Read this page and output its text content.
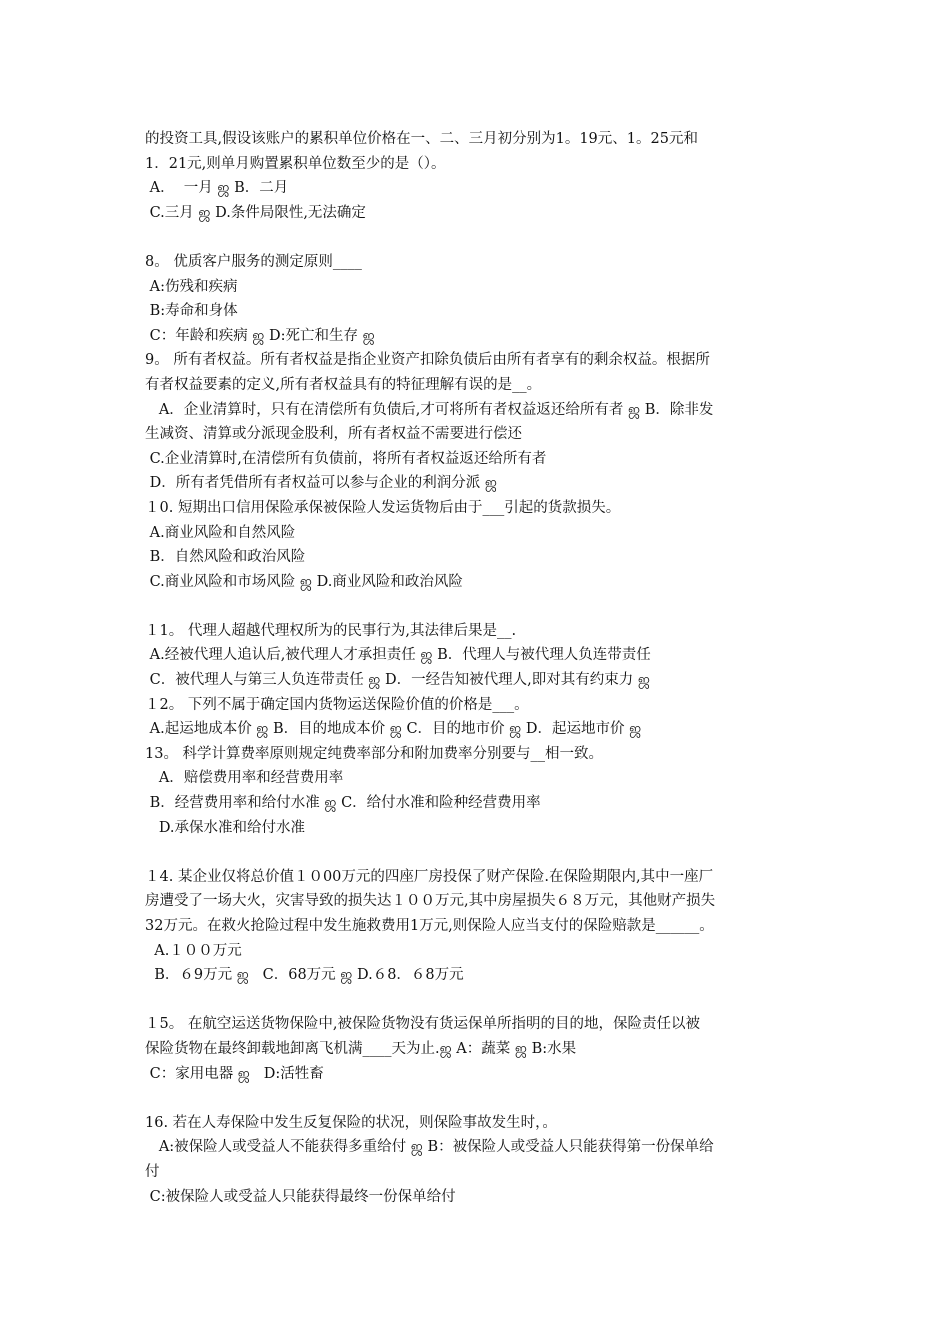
的投资工具,假设该账户的累积单位价格在一、二、三月初分别为1。19元、1。25元和
1．21元,则单月购置累积单位数至少的是（）。
A．  一月 ஜ B．二月
C.三月 ஜ D.条件局限性,无法确定
8。 优质客户服务的测定原则____
A:伤残和疾病
B:寿命和身体
C：年龄和疾病 ஜ D:死亡和生存 ஜ
9。 所有者权益。所有者权益是指企业资产扣除负债后由所有者享有的剩余权益。根据所
有者权益要素的定义,所有者权益具有的特征理解有误的是__。
A．企业清算时，只有在清偿所有负债后,才可将所有者权益返还给所有者 ஜ B．除非发
生减资、清算或分派现金股利，所有者权益不需要进行偿还
C.企业清算时,在清偿所有负债前，将所有者权益返还给所有者
D．所有者凭借所有者权益可以参与企业的利润分派 ஜ
１0. 短期出口信用保险承保被保险人发运货物后由于___引起的货款损失。
A.商业风险和自然风险
B．自然风险和政治风险
C.商业风险和市场风险 ஜ D.商业风险和政治风险
１1。 代理人超越代理权所为的民事行为,其法律后果是__.
A.经被代理人追认后,被代理人才承担责任 ஜ B．代理人与被代理人负连带责任
C．被代理人与第三人负连带责任 ஜ D．一经告知被代理人,即对其有约束力 ஜ
１2。 下列不属于确定国内货物运送保险价值的价格是___。
A.起运地成本价 ஜ B．目的地成本价 ஜ C．目的地市价 ஜ D．起运地市价 ஜ
13。 科学计算费率原则规定纯费率部分和附加费率分别要与__相一致。
A．赔偿费用率和经营费用率
B．经营费用率和给付水准 ஜ C．给付水准和险种经营费用率
D.承保水准和给付水准
１4. 某企业仅将总价值１０00万元的四座厂房投保了财产保险.在保险期限内,其中一座厂
房遭受了一场大火，灾害导致的损失达１００万元,其中房屋损失６８万元，其他财产损失
32万元。在救火抢险过程中发生施救费用1万元,则保险人应当支付的保险赔款是______。
A.１００万元
B．６9万元 ஜ   C．68万元 ஜ D.６8．６8万元
１5。 在航空运送货物保险中,被保险货物没有货运保单所指明的目的地，保险责任以被
保险货物在最终卸载地卸离飞机满____天为止.ஜ A：蔬菜 ஜ B:水果
C：家用电器 ஜ   D:活牲畜
16. 若在人寿保险中发生反复保险的状况，则保险事故发生时，。
A:被保险人或受益人不能获得多重给付 ஜ B：被保险人或受益人只能获得第一份保单给
付
C:被保险人或受益人只能获得最终一份保单给付
